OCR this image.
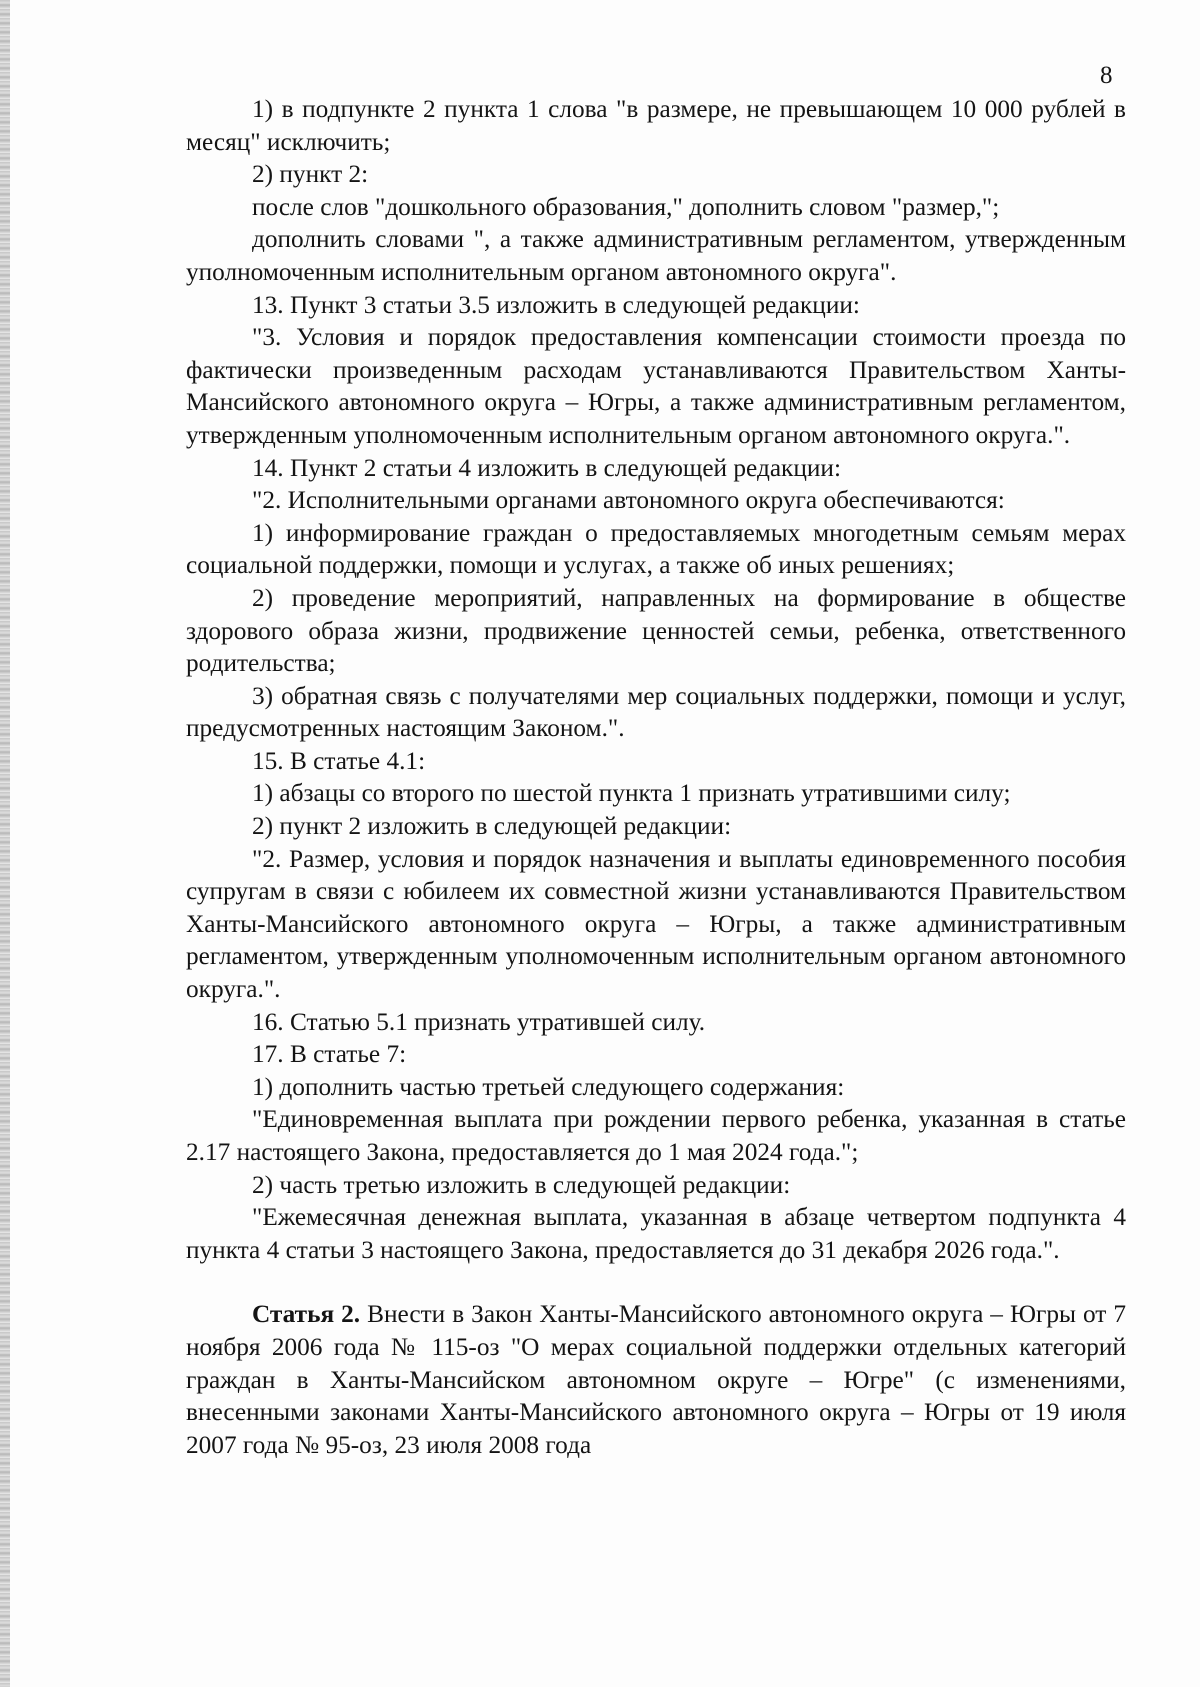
8

1) в подпункте 2 пункта 1 слова "в размере, не превышающем 10 000 рублей в месяц" исключить;

2) пункт 2:

после слов "дошкольного образования," дополнить словом "размер,";

дополнить словами ", а также административным регламентом, утвержденным уполномоченным исполнительным органом автономного округа".

13. Пункт 3 статьи 3.5 изложить в следующей редакции:

"3. Условия и порядок предоставления компенсации стоимости проезда по фактически произведенным расходам устанавливаются Правительством Ханты-Мансийского автономного округа – Югры, а также административным регламентом, утвержденным уполномоченным исполнительным органом автономного округа.".

14. Пункт 2 статьи 4 изложить в следующей редакции:

"2. Исполнительными органами автономного округа обеспечиваются:

1) информирование граждан о предоставляемых многодетным семьям мерах социальной поддержки, помощи и услугах, а также об иных решениях;

2) проведение мероприятий, направленных на формирование в обществе здорового образа жизни, продвижение ценностей семьи, ребенка, ответственного родительства;

3) обратная связь с получателями мер социальных поддержки, помощи и услуг, предусмотренных настоящим Законом.".

15. В статье 4.1:

1) абзацы со второго по шестой пункта 1 признать утратившими силу;

2) пункт 2 изложить в следующей редакции:

"2. Размер, условия и порядок назначения и выплаты единовременного пособия супругам в связи с юбилеем их совместной жизни устанавливаются Правительством Ханты-Мансийского автономного округа – Югры, а также административным регламентом, утвержденным уполномоченным исполнительным органом автономного округа.".

16. Статью 5.1 признать утратившей силу.

17. В статье 7:

1) дополнить частью третьей следующего содержания:

"Единовременная выплата при рождении первого ребенка, указанная в статье 2.17 настоящего Закона, предоставляется до 1 мая 2024 года.";

2) часть третью изложить в следующей редакции:

"Ежемесячная денежная выплата, указанная в абзаце четвертом подпункта 4 пункта 4 статьи 3 настоящего Закона, предоставляется до 31 декабря 2026 года.".

Статья 2. Внести в Закон Ханты-Мансийского автономного округа – Югры от 7 ноября 2006 года № 115-оз "О мерах социальной поддержки отдельных категорий граждан в Ханты-Мансийском автономном округе – Югре" (с изменениями, внесенными законами Ханты-Мансийского автономного округа – Югры от 19 июля 2007 года № 95-оз, 23 июля 2008 года
